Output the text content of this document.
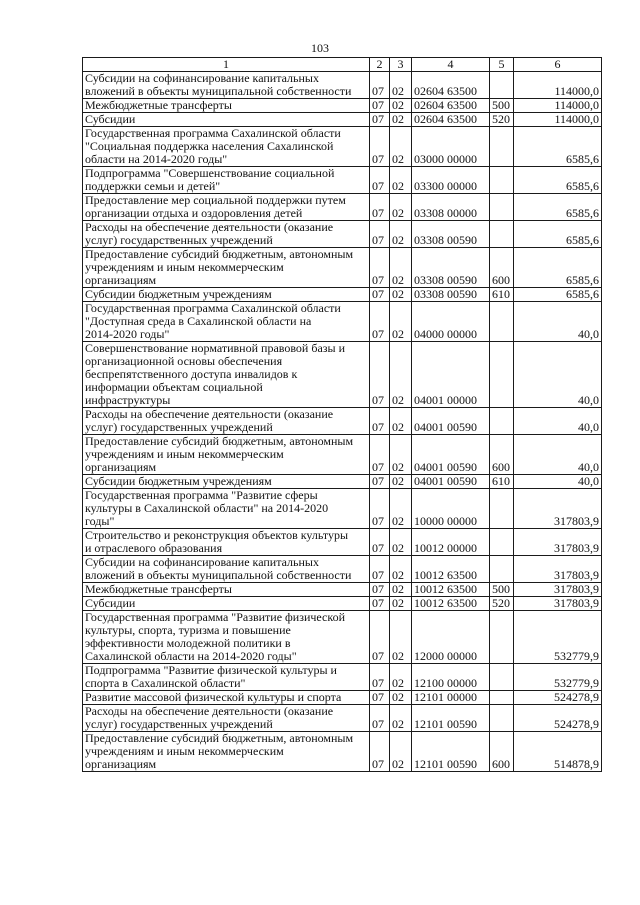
103
1	2	3	4	5	6

Субсидии на софинансирование капитальных
вложений в объекты муниципальной собственности	07	02	02604 63500		114000,0

Межбюджетные трансферты	07	02	02604 63500	500	114000,0

Субсидии	07	02	02604 63500	520	114000,0

Государственная программа Сахалинской области
"Социальная поддержка населения Сахалинской
области на 2014-2020 годы"	07	02	03000 00000		6585,6

Подпрограмма "Совершенствование социальной
поддержки семьи и детей"	07	02	03300 00000		6585,6

Предоставление мер социальной поддержки путем
организации отдыха и оздоровления детей	07	02	03308 00000		6585,6

Расходы на обеспечение деятельности (оказание
услуг) государственных учреждений	07	02	03308 00590		6585,6

Предоставление субсидий бюджетным, автономным
учреждениям и иным некоммерческим
организациям	07	02	03308 00590	600	6585,6

Субсидии бюджетным учреждениям	07	02	03308 00590	610	6585,6

Государственная программа Сахалинской области
"Доступная среда в Сахалинской области на
2014-2020 годы"	07	02	04000 00000		40,0

Совершенствование нормативной правовой базы и
организационной основы обеспечения
беспрепятственного доступа инвалидов к
информации объектам социальной
инфраструктуры	07	02	04001 00000		40,0

Расходы на обеспечение деятельности (оказание
услуг) государственных учреждений	07	02	04001 00590		40,0

Предоставление субсидий бюджетным, автономным
учреждениям и иным некоммерческим
организациям	07	02	04001 00590	600	40,0

Субсидии бюджетным учреждениям	07	02	04001 00590	610	40,0

Государственная программа "Развитие сферы
культуры в Сахалинской области" на 2014-2020
годы"	07	02	10000 00000		317803,9

Строительство и реконструкция объектов культуры
и отраслевого образования	07	02	10012 00000		317803,9

Субсидии на софинансирование капитальных
вложений в объекты муниципальной собственности	07	02	10012 63500		317803,9

Межбюджетные трансферты	07	02	10012 63500	500	317803,9

Субсидии	07	02	10012 63500	520	317803,9

Государственная программа "Развитие физической
культуры, спорта, туризма и повышение
эффективности молодежной политики в
Сахалинской области на 2014-2020 годы"	07	02	12000 00000		532779,9

Подпрограмма "Развитие физической культуры и
спорта в Сахалинской области"	07	02	12100 00000		532779,9

Развитие массовой физической культуры и спорта	07	02	12101 00000		524278,9

Расходы на обеспечение деятельности (оказание
услуг) государственных учреждений	07	02	12101 00590		524278,9

Предоставление субсидий бюджетным, автономным
учреждениям и иным некоммерческим
организациям	07	02	12101 00590	600	514878,9
